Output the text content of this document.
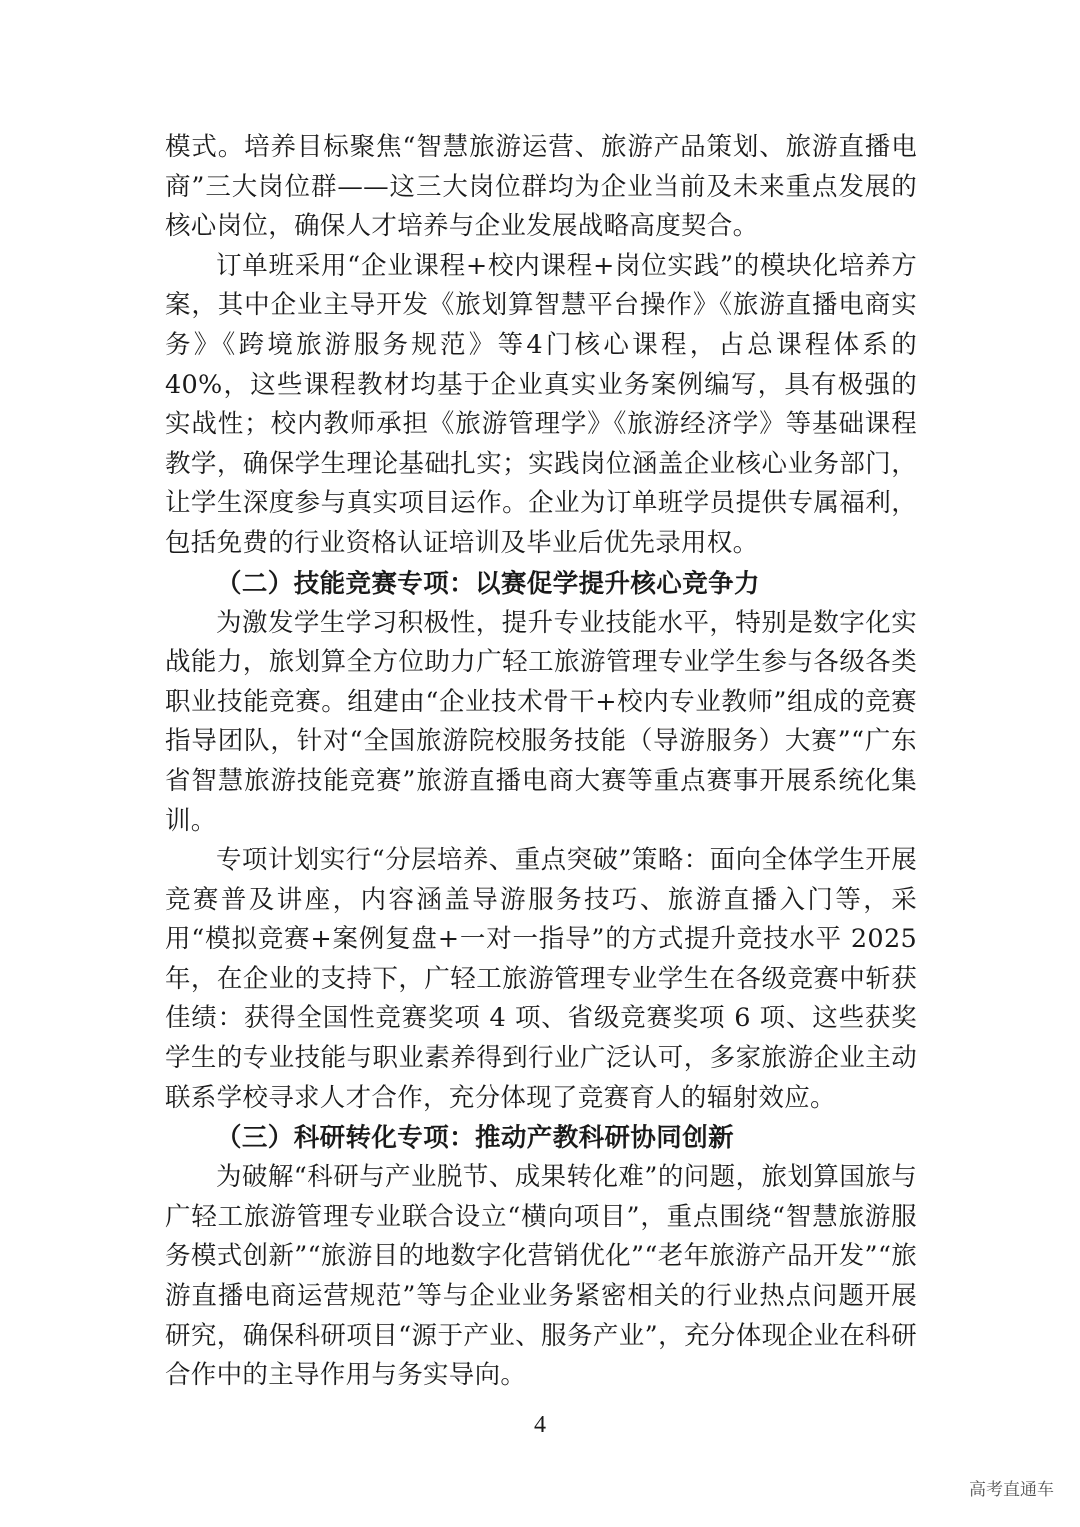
模式。培养目标聚焦“智慧旅游运营、旅游产品策划、旅游直播电商”三大岗位群——这三大岗位群均为企业当前及未来重点发展的核心岗位，确保人才培养与企业发展战略高度契合。

订单班采用“企业课程+校内课程+岗位实践”的模块化培养方案，其中企业主导开发《旅划算智慧平台操作》《旅游直播电商实务》《跨境旅游服务规范》等4门核心课程，占总课程体系的40%，这些课程教材均基于企业真实业务案例编写，具有极强的实战性；校内教师承担《旅游管理学》《旅游经济学》等基础课程教学，确保学生理论基础扎实；实践岗位涵盖企业核心业务部门，让学生深度参与真实项目运作。企业为订单班学员提供专属福利，包括免费的行业资格认证培训及毕业后优先录用权。

（二）技能竞赛专项：以赛促学提升核心竞争力

为激发学生学习积极性，提升专业技能水平，特别是数字化实战能力，旅划算全方位助力广轻工旅游管理专业学生参与各级各类职业技能竞赛。组建由“企业技术骨干+校内专业教师”组成的竞赛指导团队，针对“全国旅游院校服务技能（导游服务）大赛”“广东省智慧旅游技能竞赛”旅游直播电商大赛等重点赛事开展系统化集训。

专项计划实行“分层培养、重点突破”策略：面向全体学生开展竞赛普及讲座，内容涵盖导游服务技巧、旅游直播入门等，采用“模拟竞赛+案例复盘+一对一指导”的方式提升竞技水平 2025 年，在企业的支持下，广轻工旅游管理专业学生在各级竞赛中斩获佳绩：获得全国性竞赛奖项 4 项、省级竞赛奖项 6 项、这些获奖学生的专业技能与职业素养得到行业广泛认可，多家旅游企业主动联系学校寻求人才合作，充分体现了竞赛育人的辐射效应。

（三）科研转化专项：推动产教科研协同创新

为破解“科研与产业脱节、成果转化难”的问题，旅划算国旅与广轻工旅游管理专业联合设立“横向项目”，重点围绕“智慧旅游服务模式创新”“旅游目的地数字化营销优化”“老年旅游产品开发”“旅游直播电商运营规范”等与企业业务紧密相关的行业热点问题开展研究，确保科研项目“源于产业、服务产业”，充分体现企业在科研合作中的主导作用与务实导向。

4
高考直通车
